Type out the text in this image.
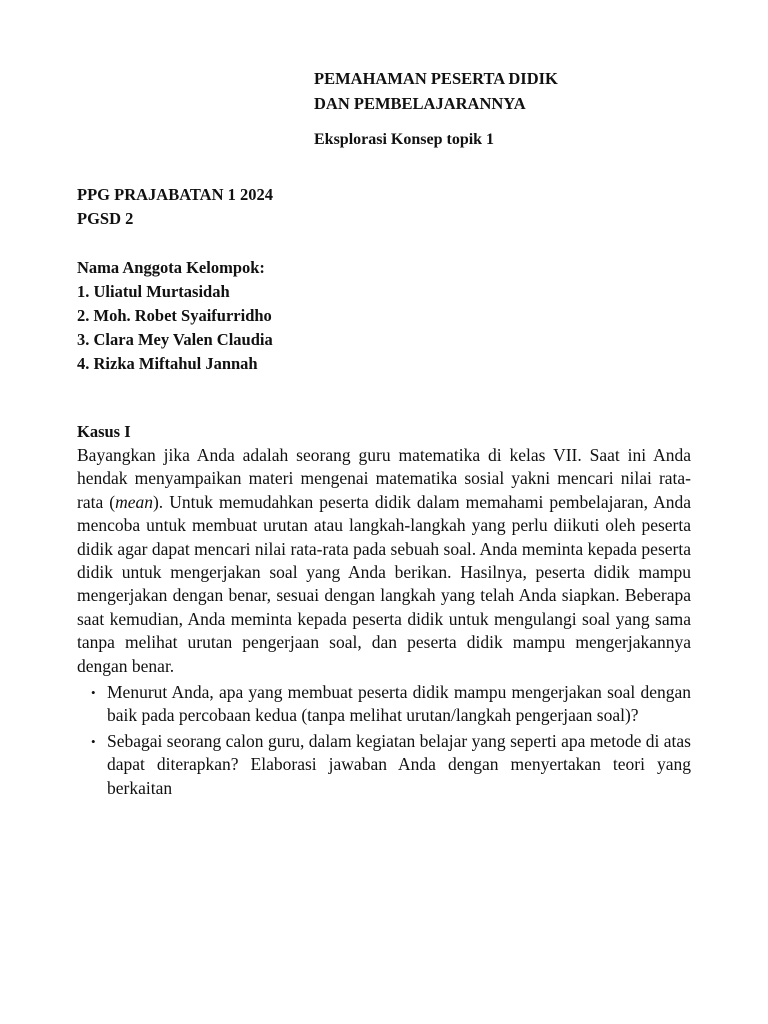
PEMAHAMAN PESERTA DIDIK
DAN PEMBELAJARANNYA
Eksplorasi Konsep topik 1
PPG PRAJABATAN 1 2024
PGSD 2
Nama Anggota Kelompok:
1. Uliatul Murtasidah
2. Moh. Robet Syaifurridho
3. Clara Mey Valen Claudia
4. Rizka Miftahul Jannah
Kasus I

Bayangkan jika Anda adalah seorang guru matematika di kelas VII. Saat ini Anda hendak menyampaikan materi mengenai matematika sosial yakni mencari nilai rata-rata (mean). Untuk memudahkan peserta didik dalam memahami pembelajaran, Anda mencoba untuk membuat urutan atau langkah-langkah yang perlu diikuti oleh peserta didik agar dapat mencari nilai rata-rata pada sebuah soal. Anda meminta kepada peserta didik untuk mengerjakan soal yang Anda berikan. Hasilnya, peserta didik mampu mengerjakan dengan benar, sesuai dengan langkah yang telah Anda siapkan. Beberapa saat kemudian, Anda meminta kepada peserta didik untuk mengulangi soal yang sama tanpa melihat urutan pengerjaan soal, dan peserta didik mampu mengerjakannya dengan benar.

• Menurut Anda, apa yang membuat peserta didik mampu mengerjakan soal dengan baik pada percobaan kedua (tanpa melihat urutan/langkah pengerjaan soal)?
• Sebagai seorang calon guru, dalam kegiatan belajar yang seperti apa metode di atas dapat diterapkan? Elaborasi jawaban Anda dengan menyertakan teori yang berkaitan
